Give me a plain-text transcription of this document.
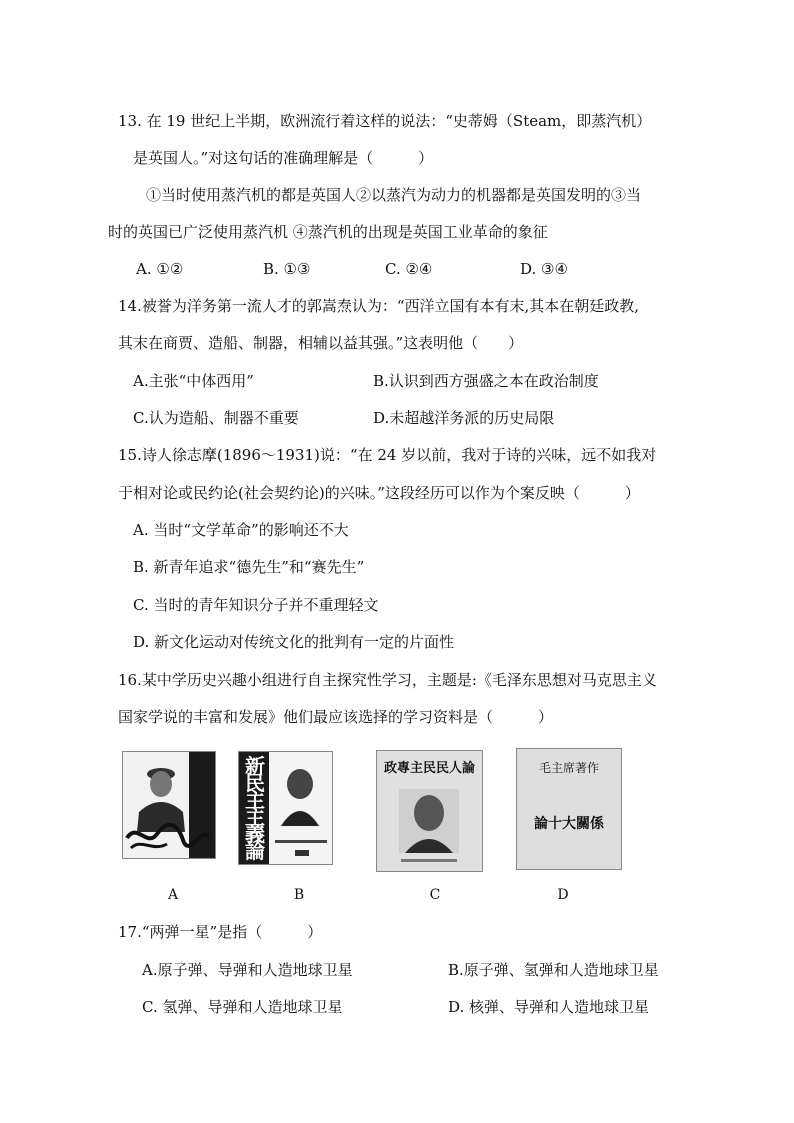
13. 在 19 世纪上半期，欧洲流行着这样的说法：“史蒂姆（Steam，即蒸汽机）
是英国人。”对这句话的准确理解是（　　　）
①当时使用蒸汽机的都是英国人②以蒸汽为动力的机器都是英国发明的③当
时的英国已广泛使用蒸汽机 ④蒸汽机的出现是英国工业革命的象征
A. ①②	B. ①③	C. ②④	D. ③④
14.被誉为洋务第一流人才的郭嵩焘认为：“西洋立国有本有末,其本在朝廷政教,
其末在商贾、造船、制器，相辅以益其强。”这表明他（　　）
A.主张“中体西用”	B.认识到西方强盛之本在政治制度
C.认为造船、制器不重要	D.未超越洋务派的历史局限
15.诗人徐志摩(1896～1931)说：“在 24 岁以前，我对于诗的兴味，远不如我对
于相对论或民约论(社会契约论)的兴味。”这段经历可以作为个案反映（　　　）
A. 当时“文学革命”的影响还不大
B. 新青年追求“德先生”和“赛先生”
C. 当时的青年知识分子并不重理轻文
D. 新文化运动对传统文化的批判有一定的片面性
16.某中学历史兴趣小组进行自主探究性学习，主题是:《毛泽东思想对马克思主义
国家学说的丰富和发展》他们最应该选择的学习资料是（　　　）
新民主主義論
論人民民主專政	毛主席著作
論十大關係
A	B	C	D
17.“两弹一星”是指（　　　）
A.原子弹、导弹和人造地球卫星	B.原子弹、氢弹和人造地球卫星
C. 氢弹、导弹和人造地球卫星	D. 核弹、导弹和人造地球卫星
